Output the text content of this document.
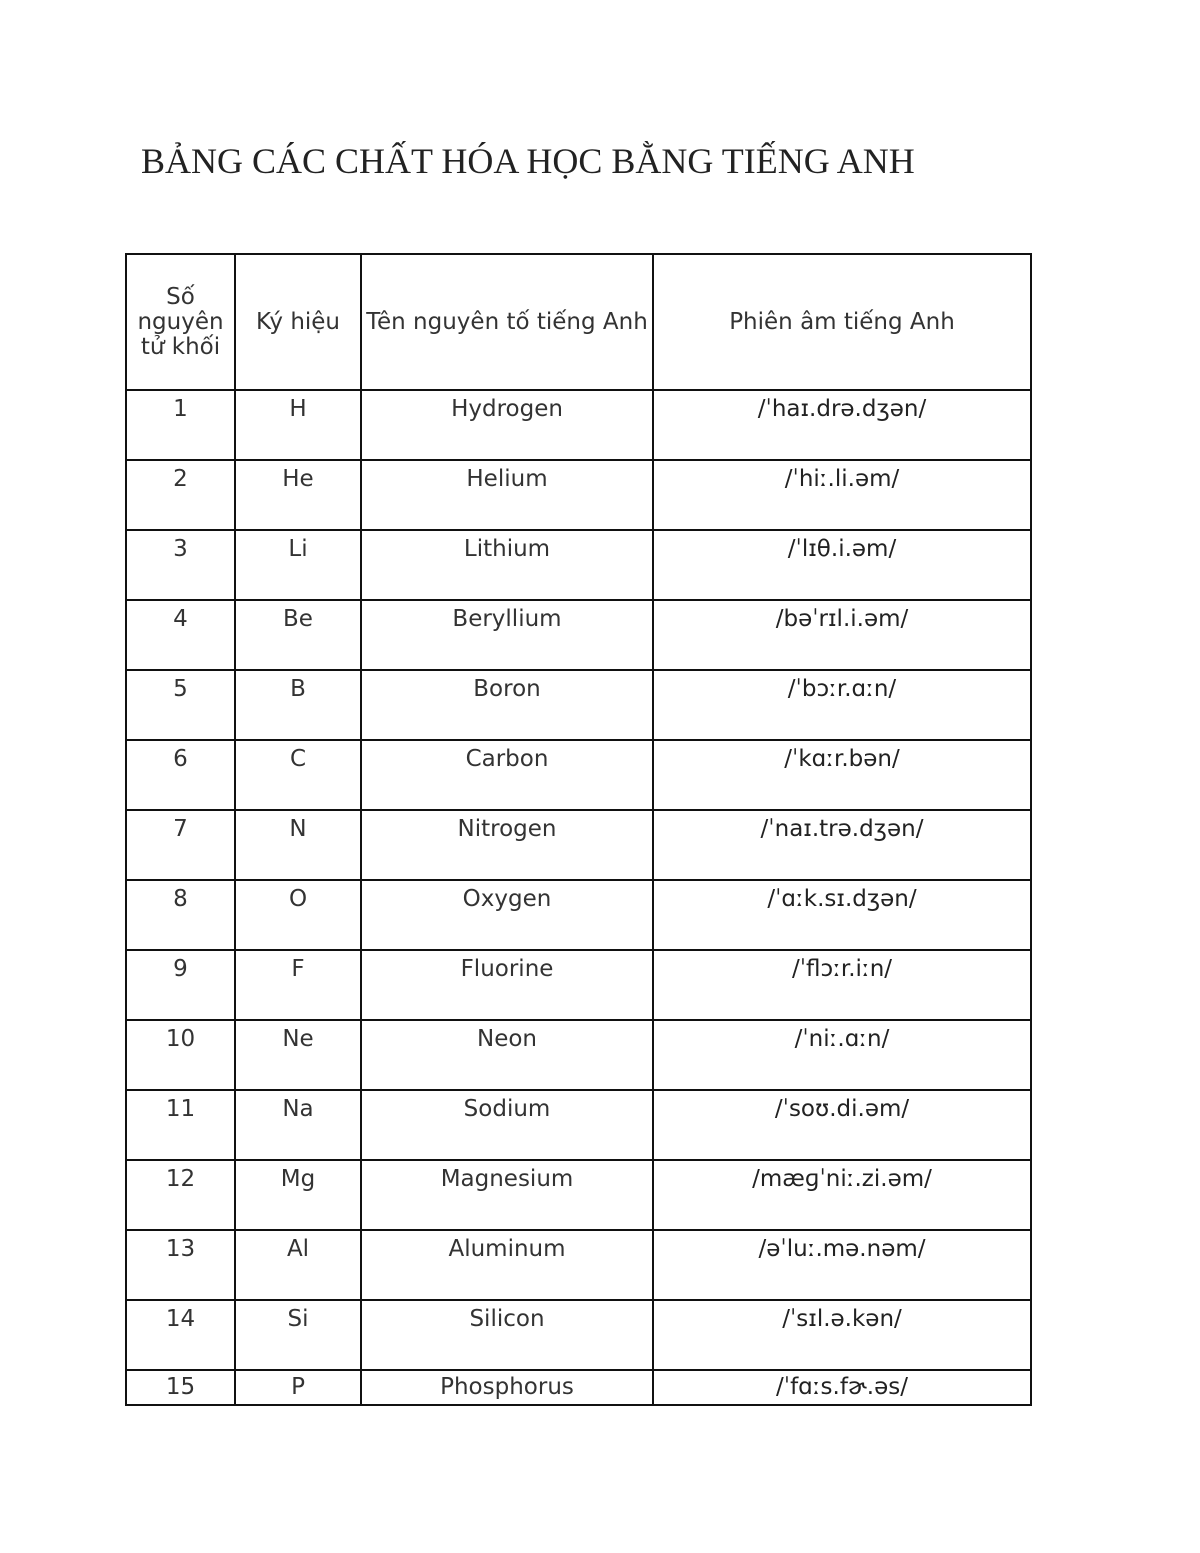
BẢNG CÁC CHẤT HÓA HỌC BẰNG TIẾNG ANH
Số nguyên tử khối	Ký hiệu	Tên nguyên tố tiếng Anh	Phiên âm tiếng Anh
1	H	Hydrogen	/ˈhaɪ.drə.dʒən/
2	He	Helium	/ˈhiː.li.əm/
3	Li	Lithium	/ˈlɪθ.i.əm/
4	Be	Beryllium	/bəˈrɪl.i.əm/
5	B	Boron	/ˈbɔːr.ɑːn/
6	C	Carbon	/ˈkɑːr.bən/
7	N	Nitrogen	/ˈnaɪ.trə.dʒən/
8	O	Oxygen	/ˈɑːk.sɪ.dʒən/
9	F	Fluorine	/ˈflɔːr.iːn/
10	Ne	Neon	/ˈniː.ɑːn/
11	Na	Sodium	/ˈsoʊ.di.əm/
12	Mg	Magnesium	/mæɡˈniː.zi.əm/
13	Al	Aluminum	/əˈluː.mə.nəm/
14	Si	Silicon	/ˈsɪl.ə.kən/
15	P	Phosphorus	/ˈfɑːs.fɚ.əs/
